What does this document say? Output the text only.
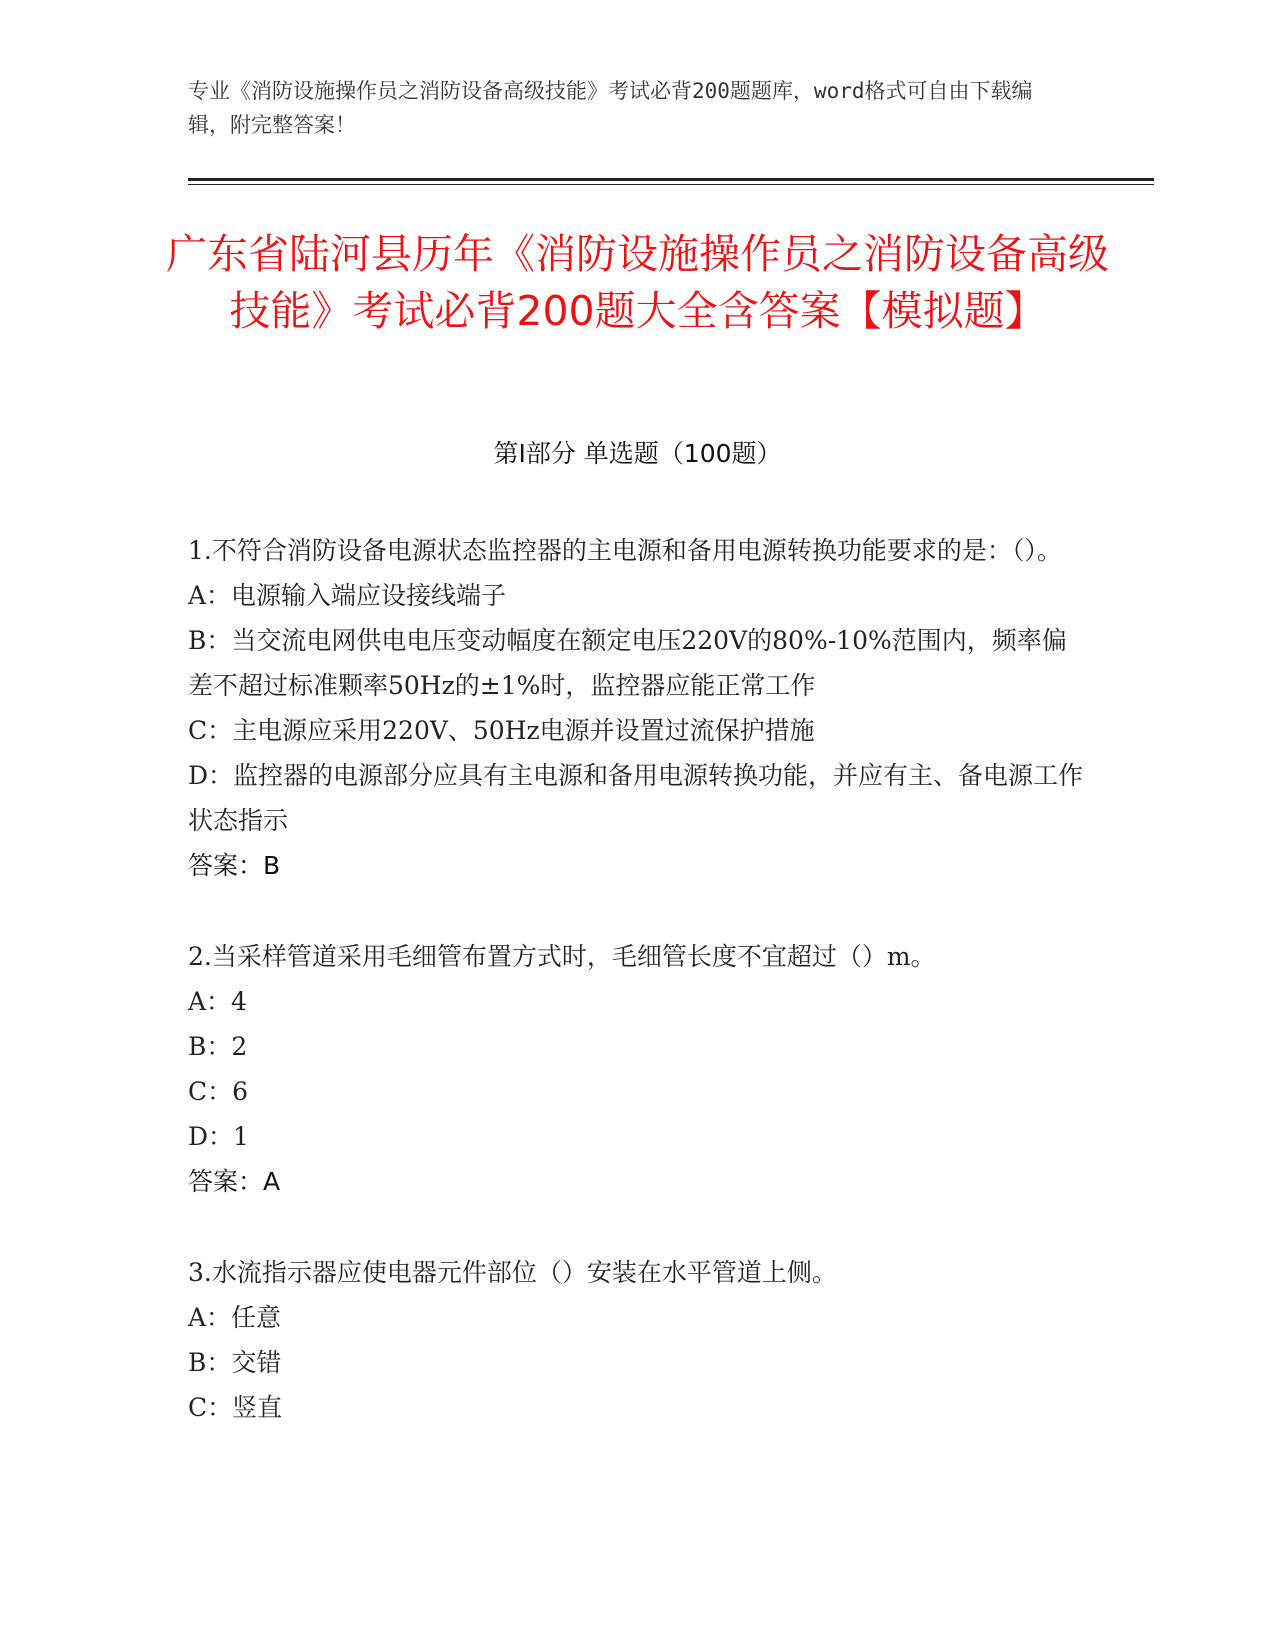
专业《消防设施操作员之消防设备高级技能》考试必背200题题库，word格式可自由下载编辑，附完整答案！
广东省陆河县历年《消防设施操作员之消防设备高级技能》考试必背200题大全含答案【模拟题】
第Ⅰ部分 单选题（100题）

1.不符合消防设备电源状态监控器的主电源和备用电源转换功能要求的是：（）。

A：电源输入端应设接线端子

B：当交流电网供电电压变动幅度在额定电压220V的80%-10%范围内，频率偏差不超过标准颗率50Hz的±1%时，监控器应能正常工作

C：主电源应采用220V、50Hz电源并设置过流保护措施

D：监控器的电源部分应具有主电源和备用电源转换功能，并应有主、备电源工作状态指示

答案：B

2.当采样管道采用毛细管布置方式时，毛细管长度不宜超过（）m。

A：4

B：2

C：6

D：1

答案：A

3.水流指示器应使电器元件部位（）安装在水平管道上侧。

A：任意

B：交错

C：竖直
